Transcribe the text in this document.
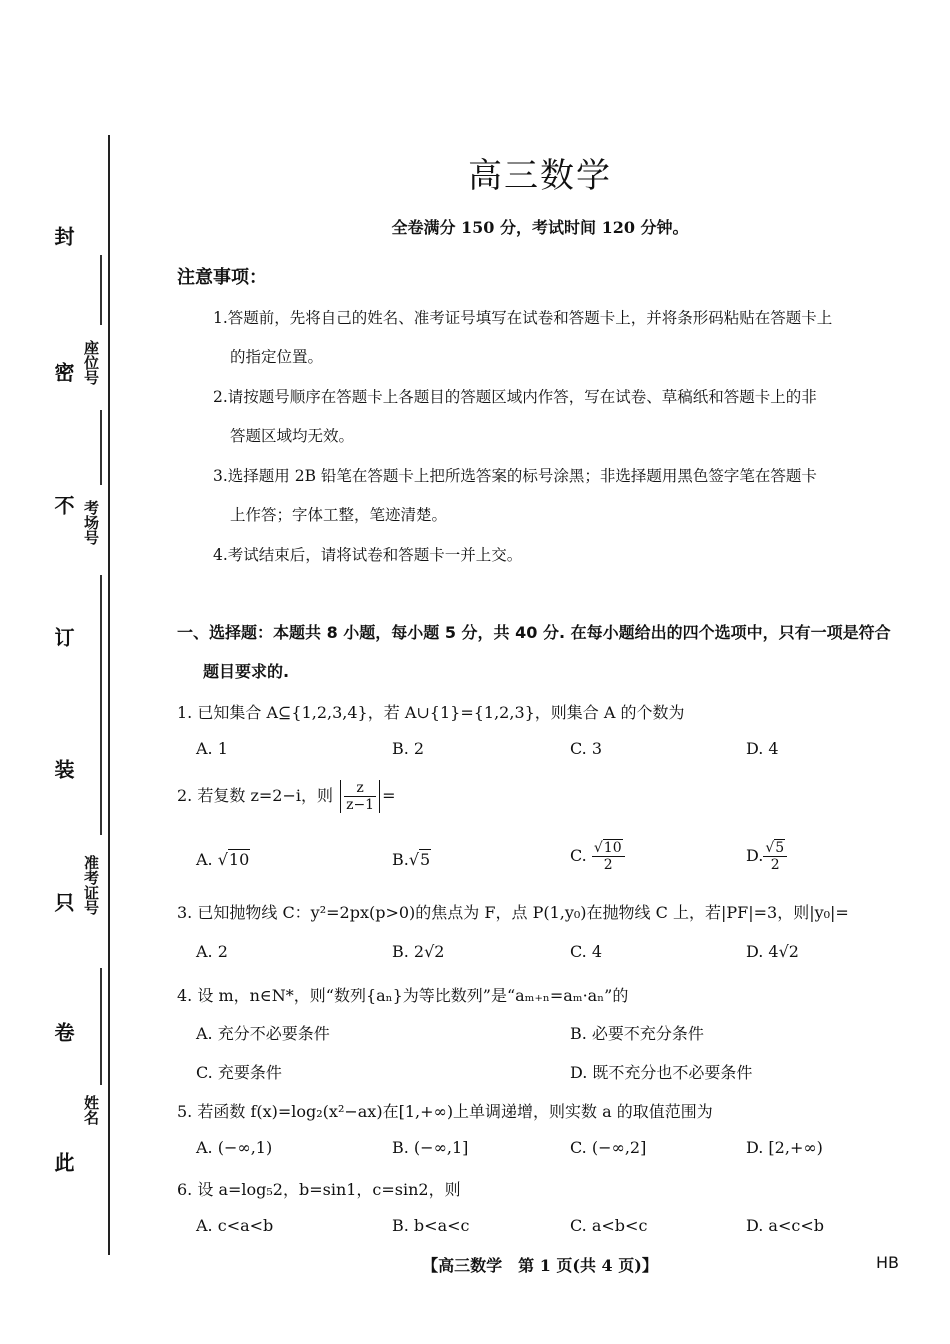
封
密
不
订
装
只
卷
此
座位号
考场号
准考证号
姓名
高三数学
全卷满分 150 分，考试时间 120 分钟。
注意事项：
1.答题前，先将自己的姓名、准考证号填写在试卷和答题卡上，并将条形码粘贴在答题卡上
的指定位置。
2.请按题号顺序在答题卡上各题目的答题区域内作答，写在试卷、草稿纸和答题卡上的非
答题区域均无效。
3.选择题用 2B 铅笔在答题卡上把所选答案的标号涂黑；非选择题用黑色签字笔在答题卡
上作答；字体工整，笔迹清楚。
4.考试结束后，请将试卷和答题卡一并上交。
一、选择题：本题共 8 小题，每小题 5 分，共 40 分. 在每小题给出的四个选项中，只有一项是符合
题目要求的.
1. 已知集合 A⊆{1,2,3,4}，若 A∪{1}={1,2,3}，则集合 A 的个数为
A. 1	B. 2	C. 3	D. 4
2. 若复数 z=2−i，则 $\frac{z}{z-1}$ =
A. √10	B.√5	C. $\frac{√10}{2}$	D. $\frac{√5}{2}$
3. 已知抛物线 C：y²=2px(p>0)的焦点为 F，点 P(1,y₀)在抛物线 C 上，若|PF|=3，则|y₀|=
A. 2	B. 2√2	C. 4	D. 4√2
4. 设 m，n∈N*，则“数列{aₙ}为等比数列”是“aₘ₊ₙ=aₘ·aₙ”的
A. 充分不必要条件	B. 必要不充分条件
C. 充要条件	D. 既不充分也不必要条件
5. 若函数 f(x)=log₂(x²−ax)在[1,+∞)上单调递增，则实数 a 的取值范围为
A. (−∞,1)	B. (−∞,1]	C. (−∞,2]	D. [2,+∞)
6. 设 a=log₅2，b=sin1，c=sin2，则
A. c<a<b	B. b<a<c	C. a<b<c	D. a<c<b
【高三数学　第 1 页(共 4 页)】	HB
